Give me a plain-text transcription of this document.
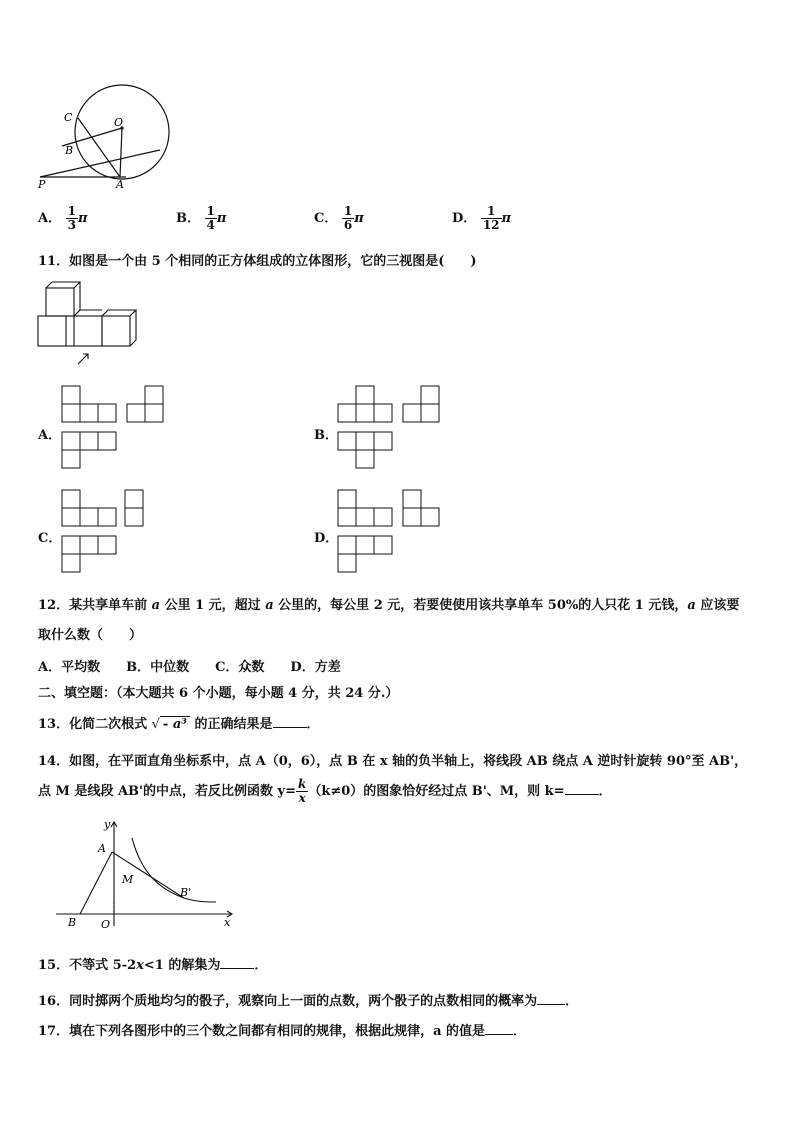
C	O
B
P	A
A． $\frac{1}{3}$ π	B． $\frac{1}{4}$ π	C． $\frac{1}{6}$ π	D． $\frac{1}{12}$ π
11．如图是一个由 5 个相同的正方体组成的立体图形，它的三视图是(　　)
A．	B．
C．	D．
12．某共享单车前 a 公里 1 元，超过 a 公里的，每公里 2 元，若要使使用该共享单车 50%的人只花 1 元钱，a 应该要
取什么数（　　）
A．平均数　　B．中位数　　C．众数　　D．方差
二、填空题：（本大题共 6 个小题，每小题 4 分，共 24 分.）
13．化简二次根式 √ - a³ 的正确结果是	．
14．如图，在平面直角坐标系中，点 A（0，6），点 B 在 x 轴的负半轴上，将线段 AB 绕点 A 逆时针旋转 90°至 AB'，
点 M 是线段 AB'的中点，若反比例函数 $y= \frac{k}{x} (k\ne 0)$的图象恰好经过点 B'、M，则 k=	．
y
A
M
B'
B O	x
15．不等式 5-2x<1 的解集为	．
16．同时掷两个质地均匀的骰子，观察向上一面的点数，两个骰子的点数相同的概率为 ．
17．填在下列各图形中的三个数之间都有相同的规律，根据此规律，a 的值是 ．
